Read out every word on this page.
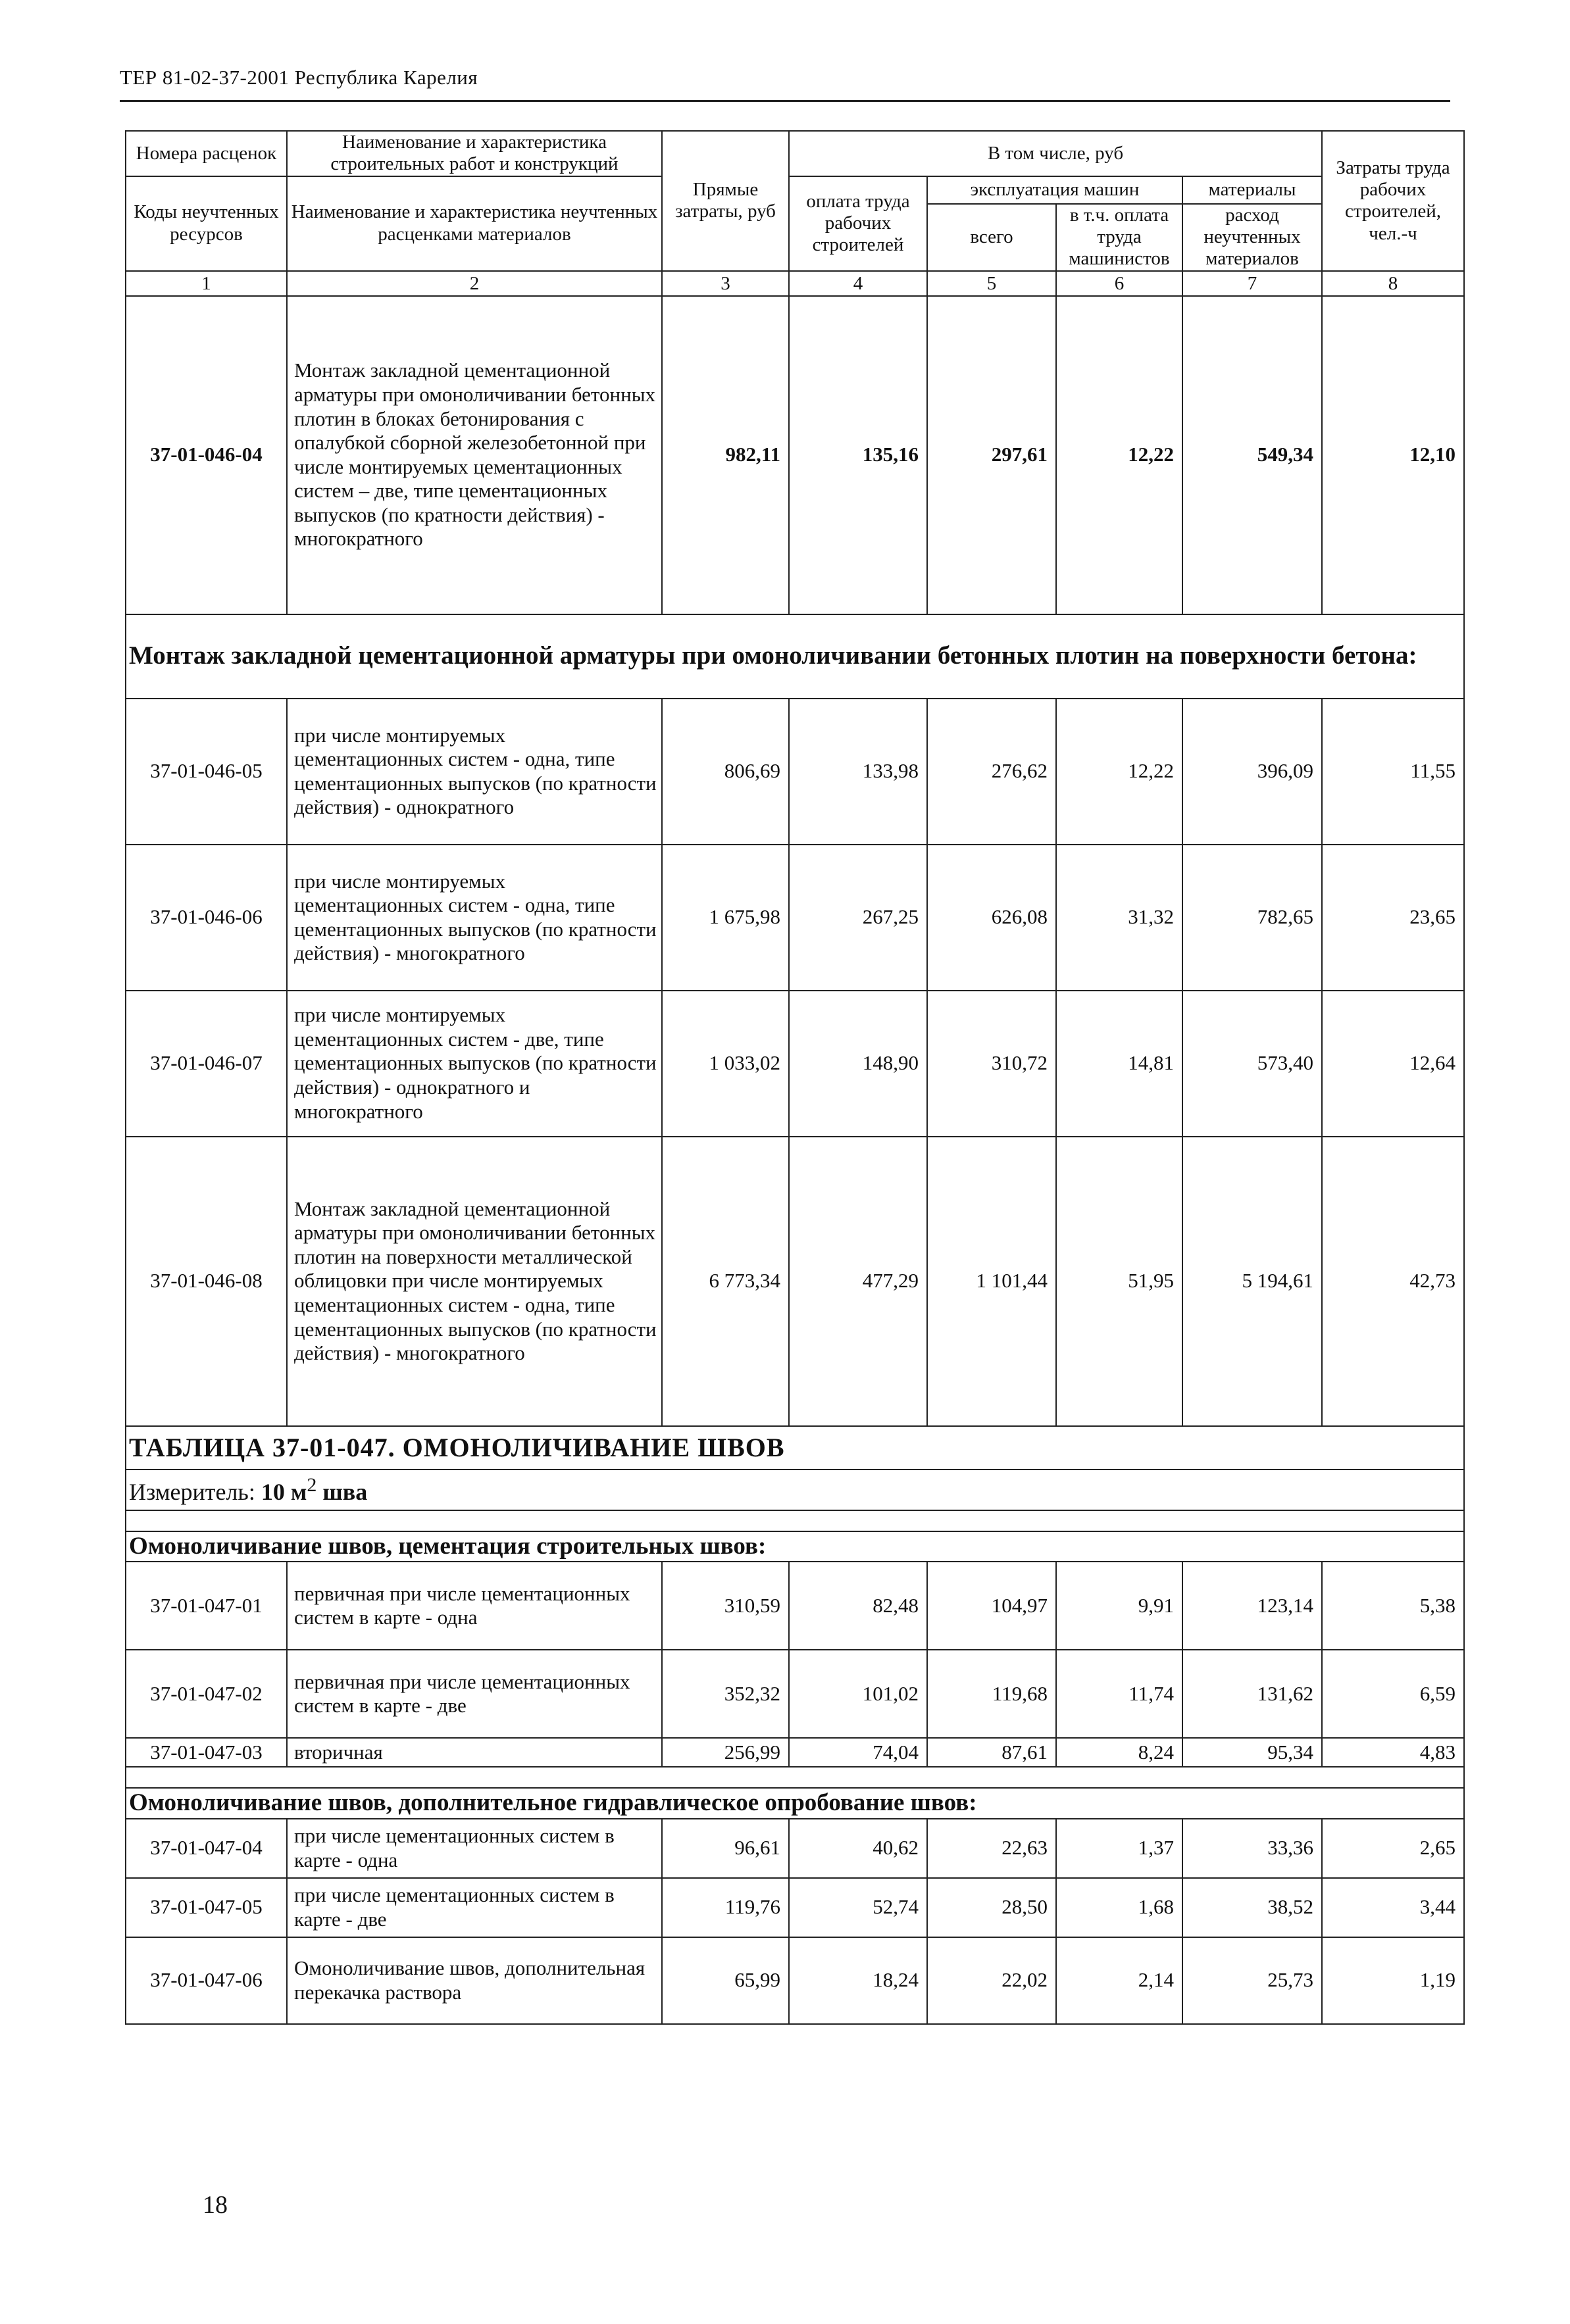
ТЕР 81-02-37-2001 Республика Карелия
Номера расценок	Наименование и характеристика строительных работ и конструкций	Прямые затраты, руб	В том числе, руб				Затраты труда рабочих строителей, чел.-ч
Коды неучтенных ресурсов	Наименование и характеристика неучтенных расценками материалов		оплата труда рабочих строителей	эксплуатация машин		материалы	
				всего	в т.ч. оплата труда машинистов	расход неучтенных материалов	

1	2	3	4	5	6	7	8
37-01-046-04	Монтаж закладной цементационной арматуры при омоноличивании бетонных плотин в блоках бетонирования с опалубкой сборной железобетонной при числе монтируемых цементационных систем – две, типе цементационных выпусков (по кратности действия) - многократного	982,11	135,16	297,61	12,22	549,34	12,10
Монтаж закладной цементационной арматуры при омоноличивании бетонных плотин на поверхности бетона:							
37-01-046-05	при числе монтируемых цементационных систем - одна, типе цементационных выпусков (по кратности действия) - однократного	806,69	133,98	276,62	12,22	396,09	11,55
37-01-046-06	при числе монтируемых цементационных систем - одна, типе цементационных выпусков (по кратности действия) - многократного	1 675,98	267,25	626,08	31,32	782,65	23,65
37-01-046-07	при числе монтируемых цементационных систем - две, типе цементационных выпусков (по кратности действия) - однократного и многократного	1 033,02	148,90	310,72	14,81	573,40	12,64
37-01-046-08	Монтаж закладной цементационной арматуры при омоноличивании бетонных плотин на поверхности металлической облицовки при числе монтируемых цементационных систем - одна, типе цементационных выпусков (по кратности действия) - многократного	6 773,34	477,29	1 101,44	51,95	5 194,61	42,73
ТАБЛИЦА 37-01-047. ОМОНОЛИЧИВАНИЕ ШВОВ							
Измеритель: 10 $м^2$ шва							

Омоноличивание швов, цементация строительных швов:							
37-01-047-01	первичная при числе цементационных систем в карте - одна	310,59	82,48	104,97	9,91	123,14	5,38
37-01-047-02	первичная при числе цементационных систем в карте - две	352,32	101,02	119,68	11,74	131,62	6,59
37-01-047-03	вторичная	256,99	74,04	87,61	8,24	95,34	4,83

Омоноличивание швов, дополнительное гидравлическое опробование швов:							
37-01-047-04	при числе цементационных систем в карте - одна	96,61	40,62	22,63	1,37	33,36	2,65
37-01-047-05	при числе цементационных систем в карте - две	119,76	52,74	28,50	1,68	38,52	3,44
37-01-047-06	Омоноличивание швов, дополнительная перекачка раствора	65,99	18,24	22,02	2,14	25,73	1,19
18
